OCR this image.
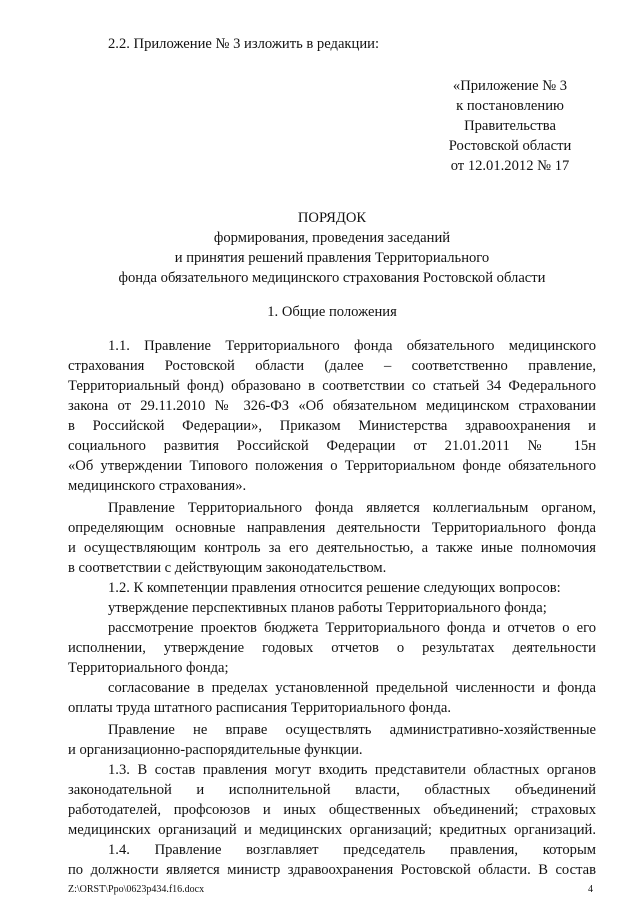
2.2. Приложение № 3 изложить в редакции:
«Приложение № 3
к постановлению
Правительства
Ростовской области
от 12.01.2012 № 17
ПОРЯДОК
формирования, проведения заседаний
и принятия решений правления Территориального
фонда обязательного медицинского страхования Ростовской области
1. Общие положения
1.1. Правление Территориального фонда обязательного медицинского
страхования Ростовской области (далее – соответственно правление,
Территориальный фонд) образовано в соответствии со статьей 34 Федерального
закона от 29.11.2010 № 326-ФЗ «Об обязательном медицинском страховании
в Российской Федерации», Приказом Министерства здравоохранения и
социального развития Российской Федерации от 21.01.2011 № 15н
«Об утверждении Типового положения о Территориальном фонде обязательного
медицинского страхования».
Правление Территориального фонда является коллегиальным органом,
определяющим основные направления деятельности Территориального фонда
и осуществляющим контроль за его деятельностью, а также иные полномочия
в соответствии с действующим законодательством.
1.2. К компетенции правления относится решение следующих вопросов:
утверждение перспективных планов работы Территориального фонда;
рассмотрение проектов бюджета Территориального фонда и отчетов о его
исполнении, утверждение годовых отчетов о результатах деятельности
Территориального фонда;
согласование в пределах установленной предельной численности и фонда
оплаты труда штатного расписания Территориального фонда.
Правление не вправе осуществлять административно-хозяйственные
и организационно-распорядительные функции.
1.3. В состав правления могут входить представители областных органов
законодательной и исполнительной власти, областных объединений
работодателей, профсоюзов и иных общественных объединений; страховых
медицинских организаций и медицинских организаций; кредитных организаций.
1.4. Правление возглавляет председатель правления, которым
по должности является министр здравоохранения Ростовской области. В состав
Z:\ORST\Ppo\0623p434.f16.docx	4
